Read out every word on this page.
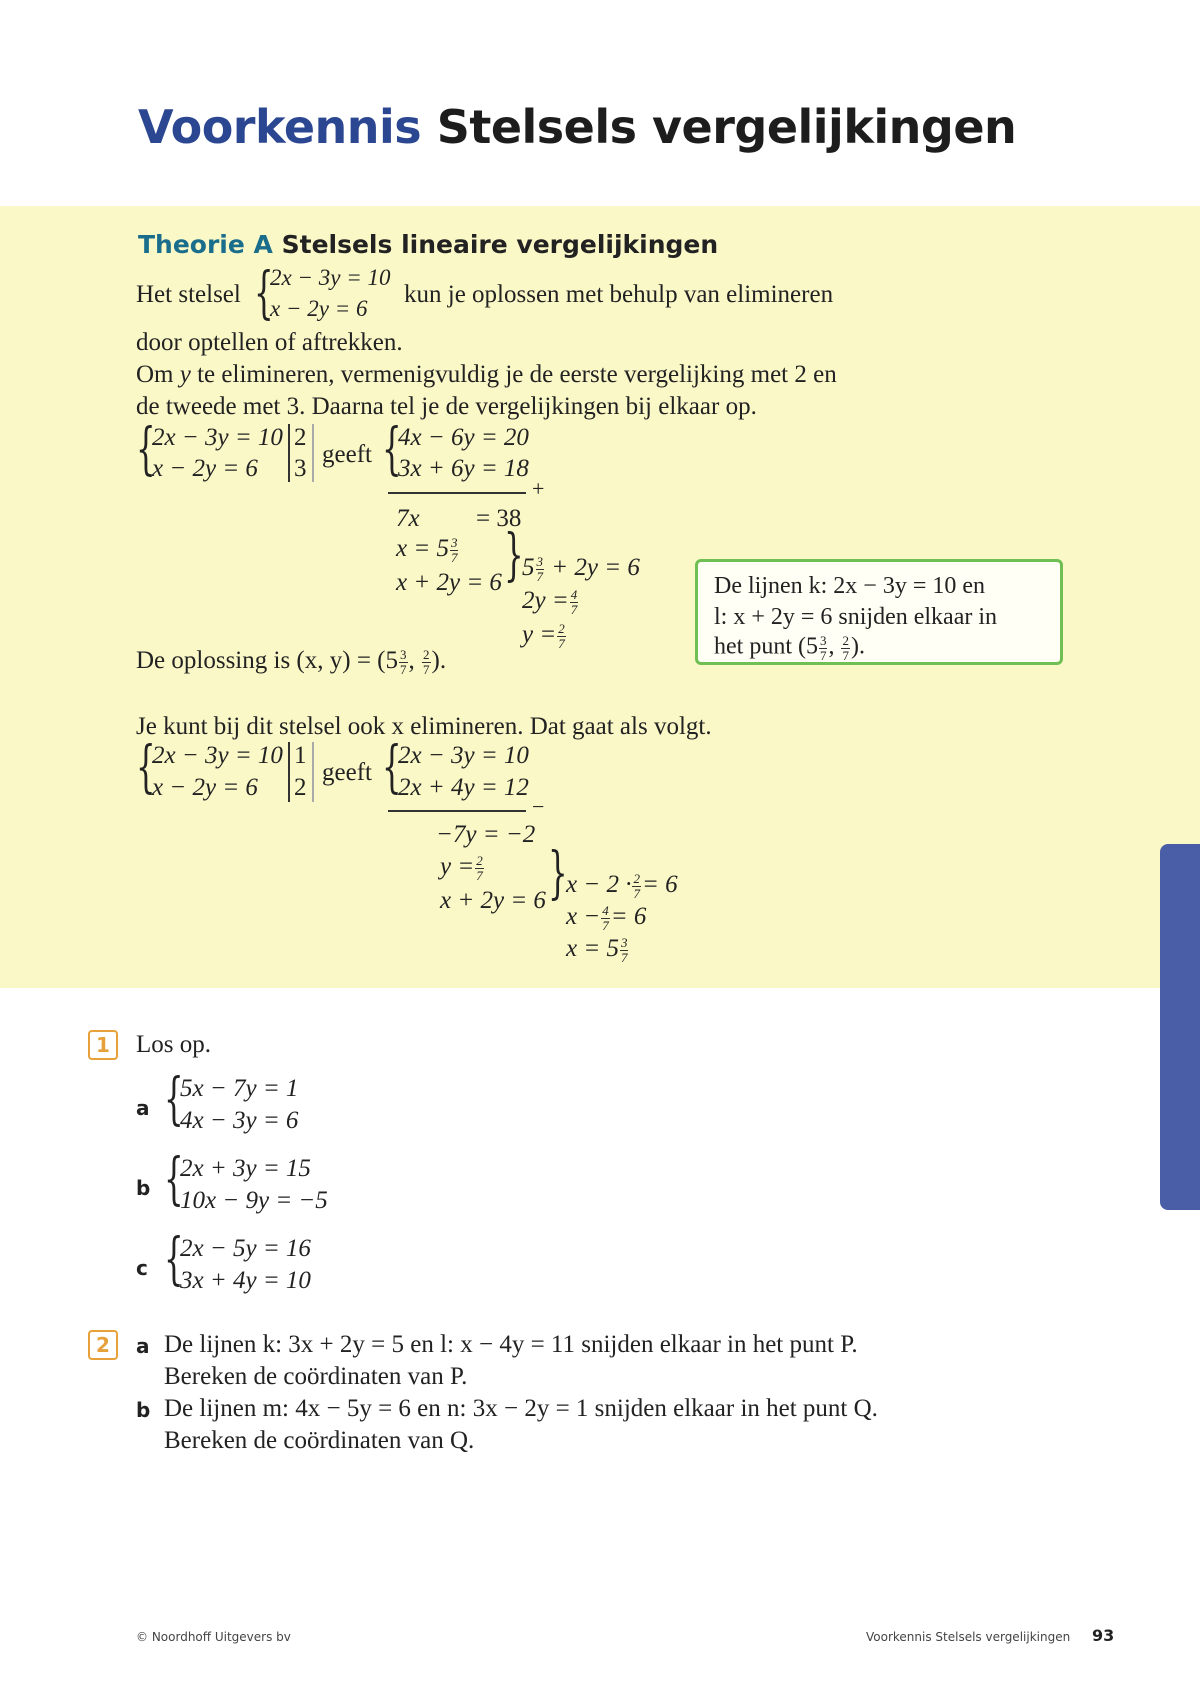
Voorkennis Stelsels vergelijkingen
Theorie A Stelsels lineaire vergelijkingen
Het stelsel {
2x − 3y = 10
x − 2y = 6
kun je oplossen met behulp van elimineren
door optellen of aftrekken.
Om y te elimineren, vermenigvuldig je de eerste vergelijking met 2 en
de tweede met 3. Daarna tel je de vergelijkingen bij elkaar op.
{
2x − 3y = 10
x − 2y = 6
2
3
geeft {
4x − 6y = 20
3x + 6y = 18
+
7x = 38
$x = 5 \frac{3}{7}$
x + 2y = 6 }
$5 \frac{3}{7} + 2y = 6$
$2y = \frac{4}{7}$
$y = \frac{2}{7}$
De oplossing is (x, $y) = (5 \frac{3}{7}$ , $\frac{2}{7}$ ).
De lijnen k: 2x − 3y = 10 en
l: x + 2y = 6 snijden elkaar in
het punt ($5 \frac{3}{7}$ , $\frac{2}{7}$ ).
Je kunt bij dit stelsel ook x elimineren. Dat gaat als volgt.
{
2x − 3y = 10
x − 2y = 6
1
2
geeft {
2x − 3y = 10
2x + 4y = 12
−
−7y = −2
$y = \frac{2}{7}$
x + 2y = 6 }
$x - 2 \cdot \frac{2}{7} = 6$
$x - \frac{4}{7} = 6$
$x = 5 \frac{3}{7}$
1	Los op.
a {
5x − 7y = 1
4x − 3y = 6
b {
2x + 3y = 15
10x − 9y = −5
c {
2x − 5y = 16
3x + 4y = 10
2	a De lijnen k: 3x + 2y = 5 en l: x − 4y = 11 snijden elkaar in het punt P.
Bereken de coördinaten van P.
b De lijnen m: 4x − 5y = 6 en n: 3x − 2y = 1 snijden elkaar in het punt Q.
Bereken de coördinaten van Q.
© Noordhoff Uitgevers bv	Voorkennis Stelsels vergelijkingen 93
